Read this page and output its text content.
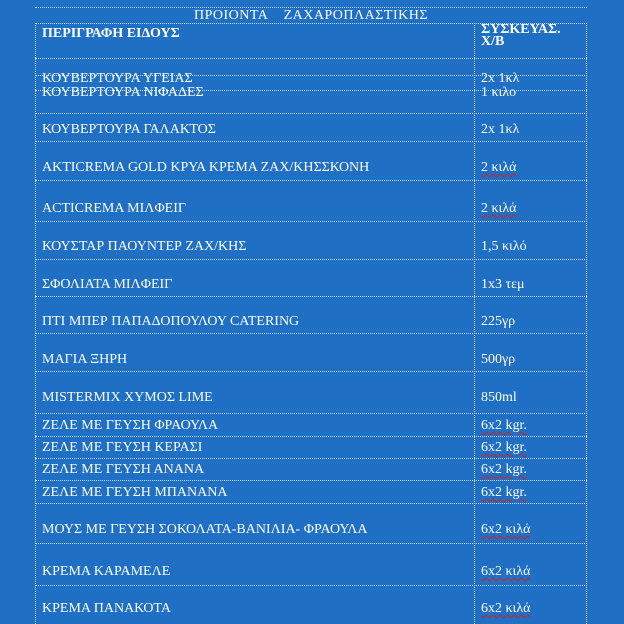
ΠΡΟΙΟΝΤΑ    ΖΑΧΑΡΟΠΛΑΣΤΙΚΗΣ
ΠΕΡΙΓΡΑΦΗ ΕΙΔΟΥΣ	ΣΥΣΚΕΥΑΣ.
Χ/Β
ΚΟΥΒΕΡΤΟΥΡΑ ΥΓΕΙΑΣ	2x 1κλ
ΚΟΥΒΕΡΤΟΥΡΑ ΝΙΦΑΔΕΣ	1 κιλο
ΚΟΥΒΕΡΤΟΥΡΑ ΓΑΛΑΚΤΟΣ	2x 1κλ
AKTICREMA GOLD ΚΡΥΑ ΚΡΕΜΑ ΖΑΧ/ΚΗΣΣΚΟΝΗ	2 κιλά
ACTICREMA ΜΙΛΦΕΙΓ	2 κιλά
ΚΟΥΣΤΑΡ ΠΑΟΥΝΤΕΡ ΖΑΧ/ΚΗΣ	1,5 κιλό
ΣΦΟΛΙΑΤΑ ΜΙΛΦΕΙΓ	1x3 τεμ
ΠΤΙ ΜΠΕΡ ΠΑΠΑΔΟΠΟΥΛΟΥ CATERING	225γρ
ΜΑΓΙΑ ΞΗΡΗ	500γρ
MISTERMIX ΧΥΜΟΣ LIME	850ml
ΖΕΛΕ ΜΕ ΓΕΥΣΗ ΦΡΑΟΥΛΑ	6x2 kgr.
ΖΕΛΕ ΜΕ ΓΕΥΣΗ ΚΕΡΑΣΙ	6x2 kgr.
ΖΕΛΕ ΜΕ ΓΕΥΣΗ ΑΝΑΝΑ	6x2 kgr.
ΖΕΛΕ ΜΕ ΓΕΥΣΗ ΜΠΑΝΑΝΑ	6x2 kgr.
ΜΟΥΣ ΜΕ ΓΕΥΣΗ ΣΟΚΟΛΑΤΑ-ΒΑΝΙΛΙΑ- ΦΡΑΟΥΛΑ	6x2 κιλά
ΚΡΕΜΑ ΚΑΡΑΜΕΛΕ	6x2 κιλά
ΚΡΕΜΑ ΠΑΝΑΚΟΤΑ	6x2 κιλά
